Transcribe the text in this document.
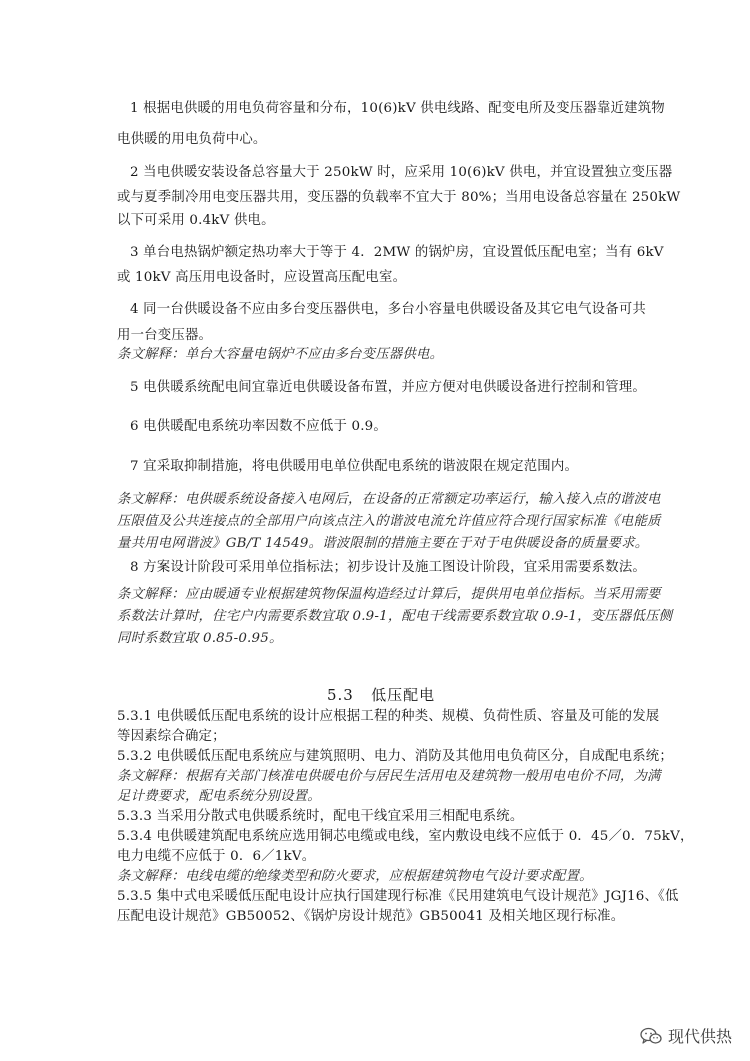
1 根据电供暖的用电负荷容量和分布，10(6)kV 供电线路、配变电所及变压器靠近建筑物
电供暖的用电负荷中心。
2 当电供暖安装设备总容量大于 250kW 时，应采用 10(6)kV 供电，并宜设置独立变压器
或与夏季制冷用电变压器共用，变压器的负载率不宜大于 80%；当用电设备总容量在 250kW
以下可采用 0.4kV 供电。
3 单台电热锅炉额定热功率大于等于 4．2MW 的锅炉房，宜设置低压配电室；当有 6kV
或 10kV 高压用电设备时，应设置高压配电室。
4 同一台供暖设备不应由多台变压器供电，多台小容量电供暖设备及其它电气设备可共
用一台变压器。
条文解释：单台大容量电锅炉不应由多台变压器供电。
5 电供暖系统配电间宜靠近电供暖设备布置，并应方便对电供暖设备进行控制和管理。
6 电供暖配电系统功率因数不应低于 0.9。
7 宜采取抑制措施，将电供暖用电单位供配电系统的谐波限在规定范围内。
条文解释：电供暖系统设备接入电网后，在设备的正常额定功率运行，输入接入点的谐波电
压限值及公共连接点的全部用户向该点注入的谐波电流允许值应符合现行国家标准《电能质
量共用电网谐波》GB/T 14549。谐波限制的措施主要在于对于电供暖设备的质量要求。
8 方案设计阶段可采用单位指标法；初步设计及施工图设计阶段，宜采用需要系数法。
条文解释：应由暖通专业根据建筑物保温构造经过计算后，提供用电单位指标。当采用需要
系数法计算时，住宅户内需要系数宜取 0.9-1，配电干线需要系数宜取 0.9-1，变压器低压侧
同时系数宜取 0.85-0.95。
5.3 低压配电
5.3.1 电供暖低压配电系统的设计应根据工程的种类、规模、负荷性质、容量及可能的发展
等因素综合确定；
5.3.2 电供暖低压配电系统应与建筑照明、电力、消防及其他用电负荷区分，自成配电系统；
条文解释：根据有关部门核准电供暖电价与居民生活用电及建筑物一般用电电价不同，为满
足计费要求，配电系统分别设置。
5.3.3 当采用分散式电供暖系统时，配电干线宜采用三相配电系统。
5.3.4 电供暖建筑配电系统应选用铜芯电缆或电线，室内敷设电线不应低于 0．45／0．75kV，
电力电缆不应低于 0．6／1kV。
条文解释：电线电缆的绝缘类型和防火要求，应根据建筑物电气设计要求配置。
5.3.5 集中式电采暖低压配电设计应执行国建现行标准《民用建筑电气设计规范》JGJ16、《低
压配电设计规范》GB50052、《锅炉房设计规范》GB50041 及相关地区现行标准。
现代供热
